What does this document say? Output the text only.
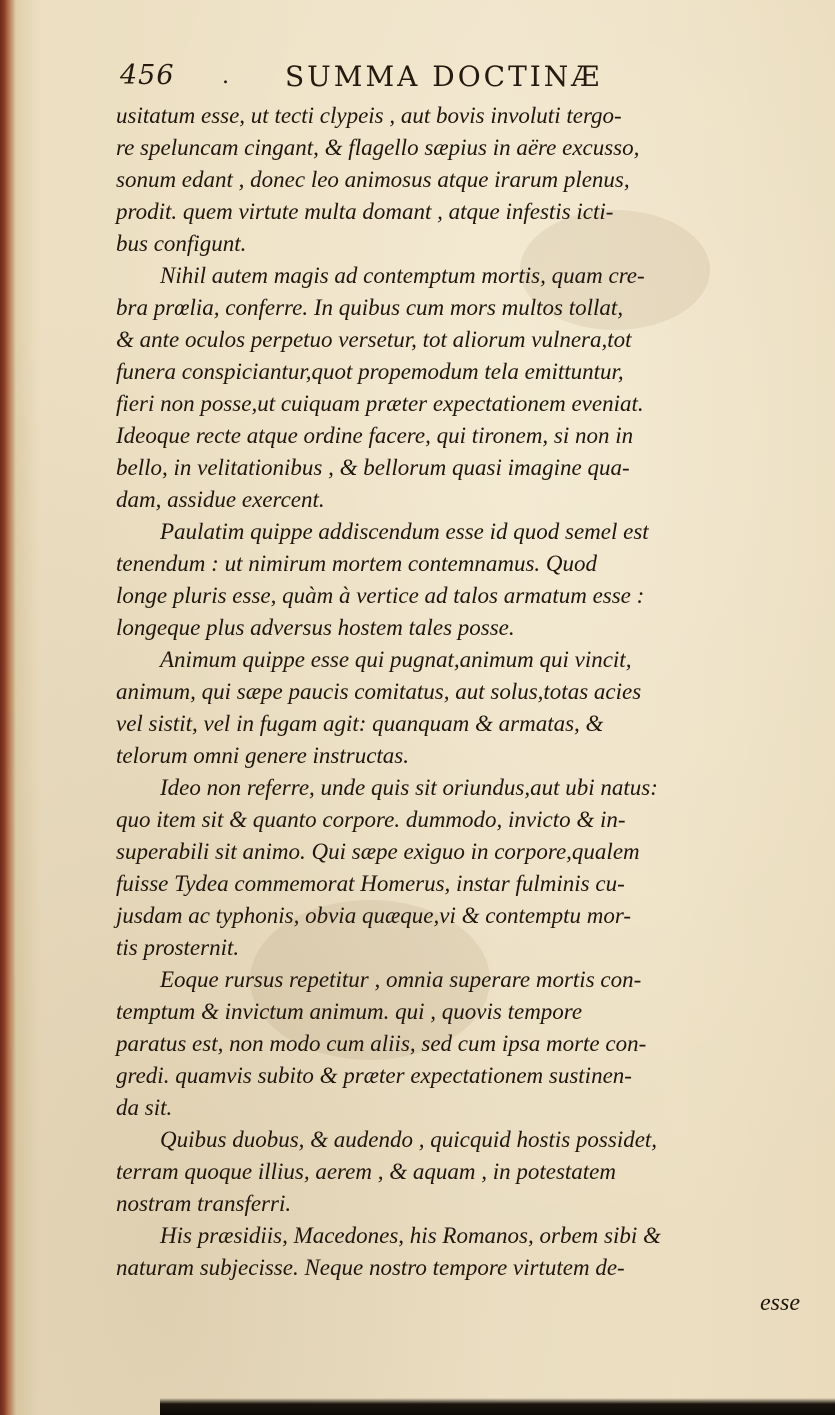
456 . SUMMA DOCTINÆ
usitatum esse, ut tecti clypeis , aut bovis involuti tergo-
re speluncam cingant, & flagello sæpius in aëre excusso,
sonum edant , donec leo animosus atque irarum plenus,
prodit. quem virtute multa domant , atque infestis icti-
bus configunt.
Nihil autem magis ad contemptum mortis, quam cre-
bra prœlia, conferre. In quibus cum mors multos tollat,
& ante oculos perpetuo versetur, tot aliorum vulnera,tot
funera conspiciantur,quot propemodum tela emittuntur,
fieri non posse,ut cuiquam præter expectationem eveniat.
Ideoque recte atque ordine facere, qui tironem, si non in
bello, in velitationibus , & bellorum quasi imagine qua-
dam, assidue exercent.
Paulatim quippe addiscendum esse id quod semel est
tenendum : ut nimirum mortem contemnamus. Quod
longe pluris esse, quàm à vertice ad talos armatum esse :
longeque plus adversus hostem tales posse.
Animum quippe esse qui pugnat,animum qui vincit,
animum, qui sæpe paucis comitatus, aut solus,totas acies
vel sistit, vel in fugam agit: quanquam & armatas, &
telorum omni genere instructas.
Ideo non referre, unde quis sit oriundus,aut ubi natus:
quo item sit & quanto corpore. dummodo, invicto & in-
superabili sit animo. Qui sæpe exiguo in corpore,qualem
fuisse Tydea commemorat Homerus, instar fulminis cu-
jusdam ac typhonis, obvia quæque,vi & contemptu mor-
tis prosternit.
Eoque rursus repetitur , omnia superare mortis con-
temptum & invictum animum. qui , quovis tempore
paratus est, non modo cum aliis, sed cum ipsa morte con-
gredi. quamvis subito & præter expectationem sustinen-
da sit.
Quibus duobus, & audendo , quicquid hostis possidet,
terram quoque illius, aerem , & aquam , in potestatem
nostram transferri.
His præsidiis, Macedones, his Romanos, orbem sibi &
naturam subjecisse. Neque nostro tempore virtutem de-
esse
